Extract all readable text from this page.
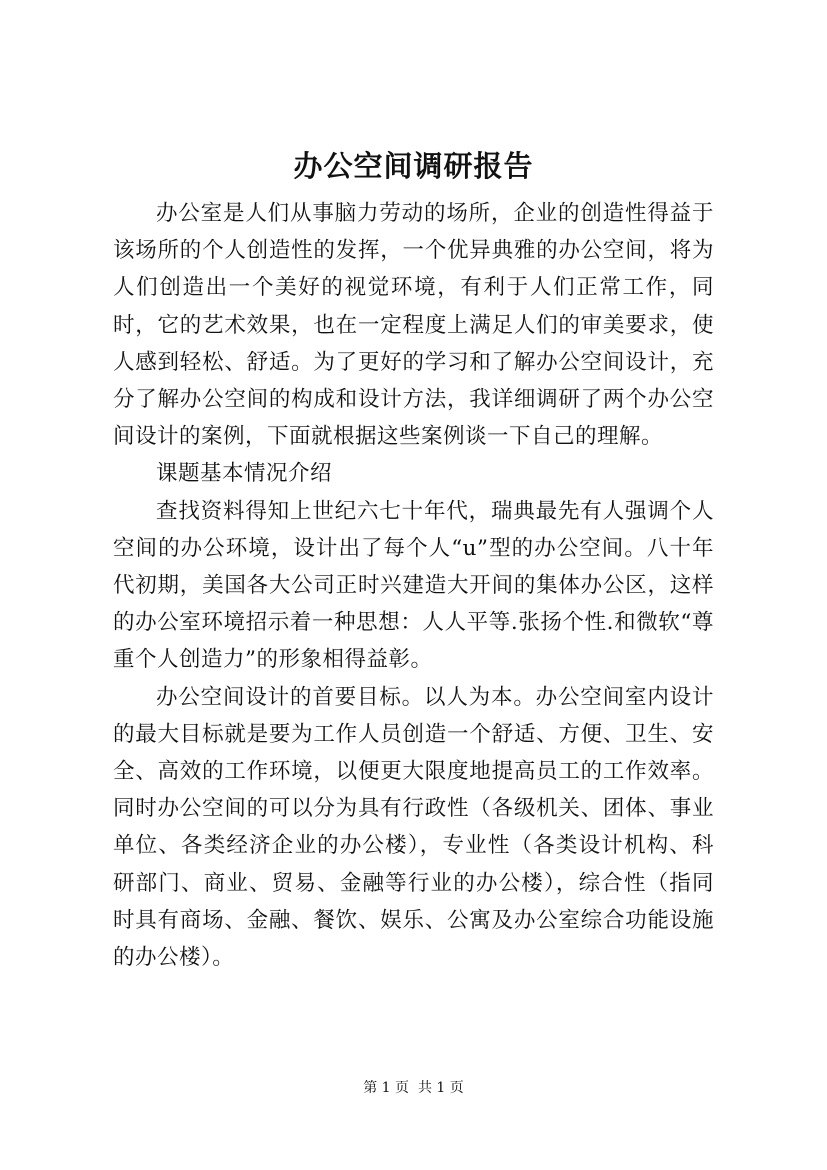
办公空间调研报告

办公室是人们从事脑力劳动的场所，企业的创造性得益于该场所的个人创造性的发挥，一个优异典雅的办公空间，将为人们创造出一个美好的视觉环境，有利于人们正常工作，同时，它的艺术效果，也在一定程度上满足人们的审美要求，使人感到轻松、舒适。为了更好的学习和了解办公空间设计，充分了解办公空间的构成和设计方法，我详细调研了两个办公空间设计的案例，下面就根据这些案例谈一下自己的理解。

课题基本情况介绍

查找资料得知上世纪六七十年代，瑞典最先有人强调个人空间的办公环境，设计出了每个人“u”型的办公空间。八十年代初期，美国各大公司正时兴建造大开间的集体办公区，这样的办公室环境招示着一种思想：人人平等.张扬个性.和微软“尊重个人创造力”的形象相得益彰。

办公空间设计的首要目标。以人为本。办公空间室内设计的最大目标就是要为工作人员创造一个舒适、方便、卫生、安全、高效的工作环境，以便更大限度地提高员工的工作效率。同时办公空间的可以分为具有行政性（各级机关、团体、事业单位、各类经济企业的办公楼），专业性（各类设计机构、科研部门、商业、贸易、金融等行业的办公楼），综合性（指同时具有商场、金融、餐饮、娱乐、公寓及办公室综合功能设施的办公楼）。

第 1 页  共 1 页
